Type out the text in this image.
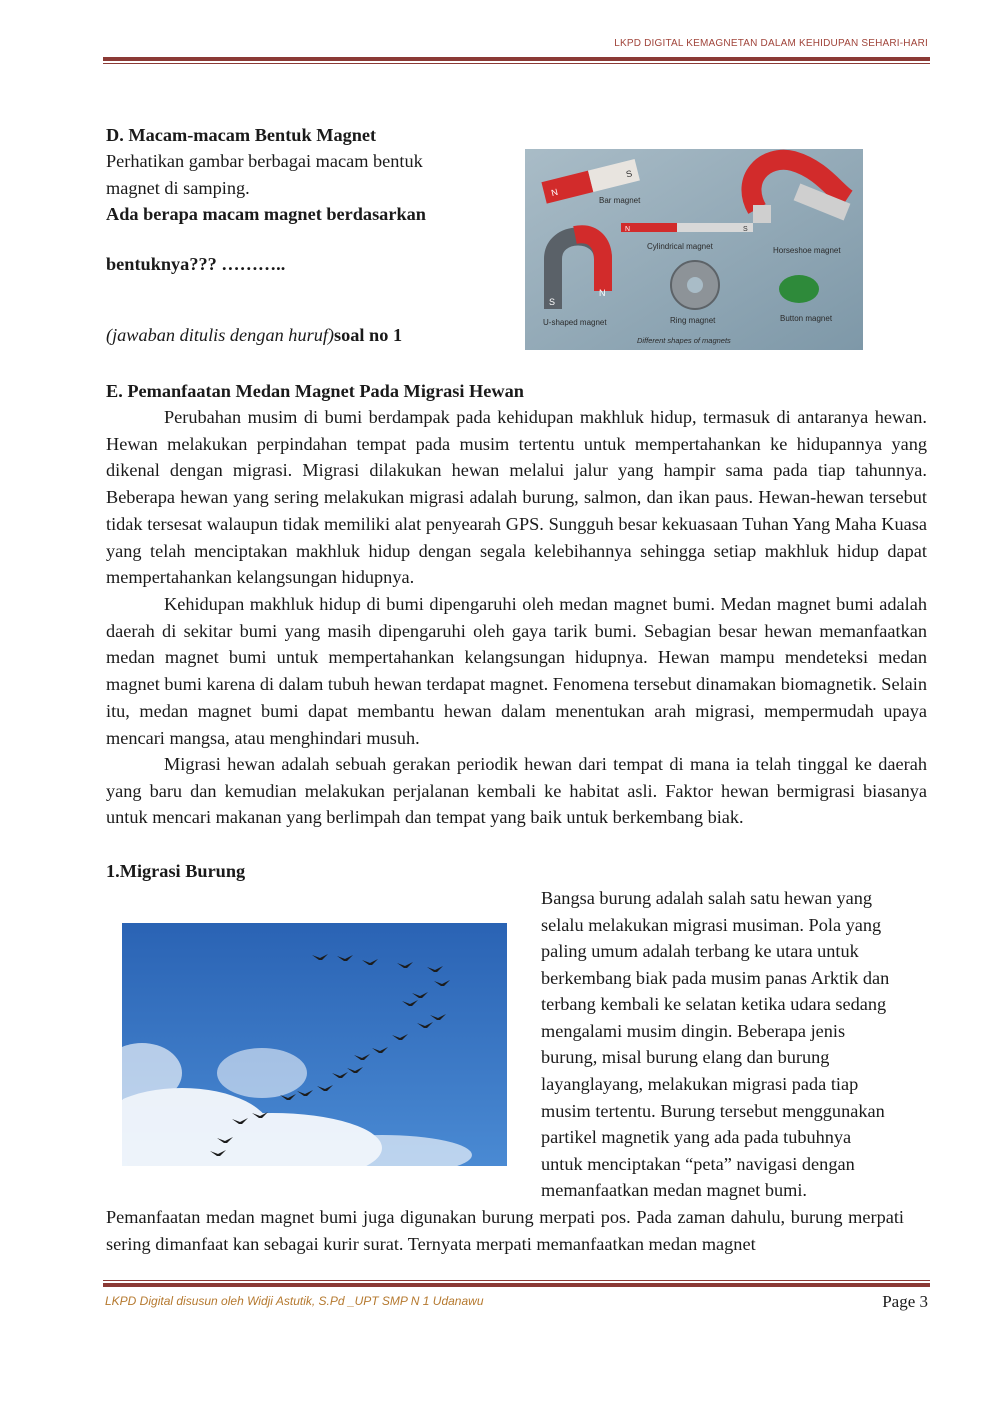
LKPD DIGITAL KEMAGNETAN DALAM KEHIDUPAN SEHARI-HARI
D. Macam-macam Bentuk Magnet
Perhatikan gambar berbagai macam bentuk
magnet di samping.
Ada berapa macam magnet berdasarkan
bentuknya??? ………..
(jawaban ditulis dengan huruf)soal no 1
N
S
Bar magnet
N	S
Cylindrical magnet	Horseshoe magnet
S
N
U-shaped magnet	Ring magnet	Button magnet
Different shapes of magnets
E. Pemanfaatan Medan Magnet Pada Migrasi Hewan
Perubahan musim di bumi berdampak pada kehidupan makhluk hidup, termasuk di antaranya hewan. Hewan melakukan perpindahan tempat pada musim tertentu untuk mempertahankan ke hidupannya yang dikenal dengan migrasi. Migrasi dilakukan hewan melalui jalur yang hampir sama pada tiap tahunnya. Beberapa hewan yang sering melakukan migrasi adalah burung, salmon, dan ikan paus. Hewan-hewan tersebut tidak tersesat walaupun tidak memiliki alat penyearah GPS. Sungguh besar kekuasaan Tuhan Yang Maha Kuasa yang telah menciptakan makhluk hidup dengan segala kelebihannya sehingga setiap makhluk hidup dapat mempertahankan kelangsungan hidupnya.
Kehidupan makhluk hidup di bumi dipengaruhi oleh medan magnet bumi. Medan magnet bumi adalah daerah di sekitar bumi yang masih dipengaruhi oleh gaya tarik bumi. Sebagian besar hewan memanfaatkan medan magnet bumi untuk mempertahankan kelangsungan hidupnya. Hewan mampu mendeteksi medan magnet bumi karena di dalam tubuh hewan terdapat magnet. Fenomena tersebut dinamakan biomagnetik. Selain itu, medan magnet bumi dapat membantu hewan dalam menentukan arah migrasi, mempermudah upaya mencari mangsa, atau menghindari musuh.
Migrasi hewan adalah sebuah gerakan periodik hewan dari tempat di mana ia telah tinggal ke daerah yang baru dan kemudian melakukan perjalanan kembali ke habitat asli. Faktor hewan bermigrasi biasanya untuk mencari makanan yang berlimpah dan tempat yang baik untuk berkembang biak.
1.Migrasi Burung
Bangsa burung adalah salah satu hewan yang
selalu melakukan migrasi musiman. Pola yang
paling umum adalah terbang ke utara untuk
berkembang biak pada musim panas Arktik dan
terbang kembali ke selatan ketika udara sedang
mengalami musim dingin. Beberapa jenis
burung, misal burung elang dan burung
layanglayang, melakukan migrasi pada tiap
musim tertentu. Burung tersebut menggunakan
partikel magnetik yang ada pada tubuhnya
untuk menciptakan “peta” navigasi dengan
memanfaatkan medan magnet bumi.
Pemanfaatan medan magnet bumi juga digunakan burung merpati pos. Pada zaman dahulu, burung merpati sering dimanfaat kan sebagai kurir surat. Ternyata merpati memanfaatkan medan magnet
LKPD Digital disusun oleh Widji Astutik, S.Pd _UPT SMP N 1 Udanawu	Page 3
